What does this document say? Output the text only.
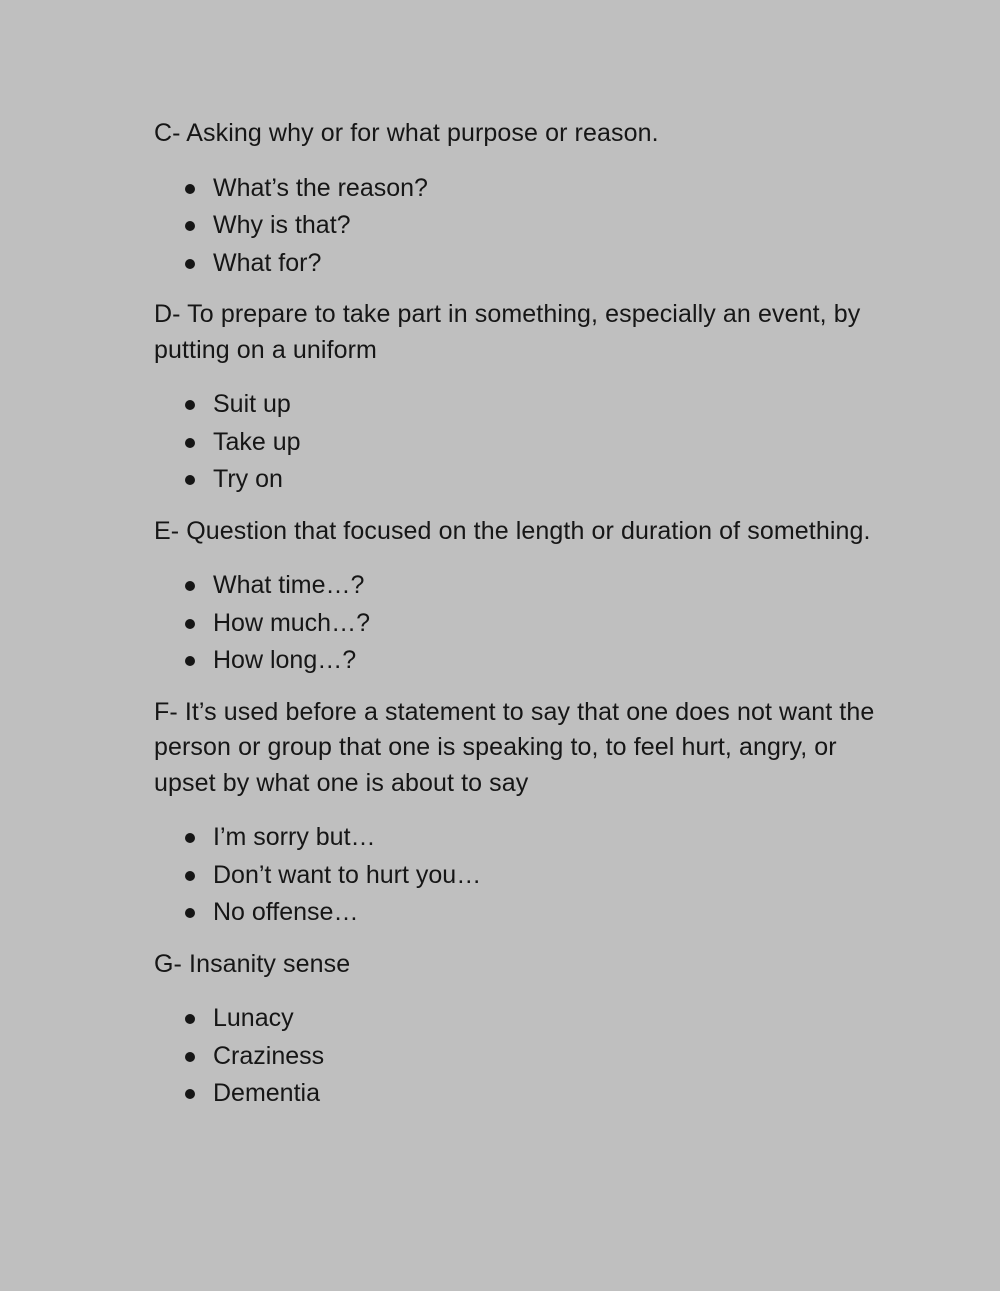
C- Asking why or for what purpose or reason.

What’s the reason?
Why is that?
What for?

D- To prepare to take part in something, especially an event, by putting on a uniform

Suit up
Take up
Try on

E- Question that focused on the length or duration of something.

What time…?
How much…?
How long…?

F- It’s used before a statement to say that one does not want the person or group that one is speaking to, to feel hurt, angry, or upset by what one is about to say

I’m sorry but…
Don’t want to hurt you…
No offense…

G- Insanity sense

Lunacy
Craziness
Dementia
